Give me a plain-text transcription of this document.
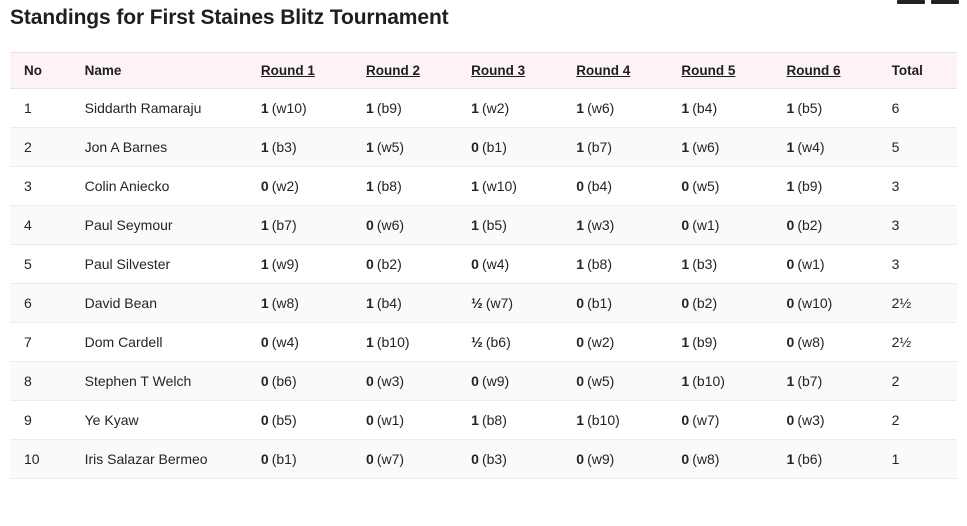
Standings for First Staines Blitz Tournament
No	Name	Round 1	Round 2	Round 3	Round 4	Round 5	Round 6	Total
1	Siddarth Ramaraju	1 (w10)	1 (b9)	1 (w2)	1 (w6)	1 (b4)	1 (b5)	6
2	Jon A Barnes	1 (b3)	1 (w5)	0 (b1)	1 (b7)	1 (w6)	1 (w4)	5
3	Colin Aniecko	0 (w2)	1 (b8)	1 (w10)	0 (b4)	0 (w5)	1 (b9)	3
4	Paul Seymour	1 (b7)	0 (w6)	1 (b5)	1 (w3)	0 (w1)	0 (b2)	3
5	Paul Silvester	1 (w9)	0 (b2)	0 (w4)	1 (b8)	1 (b3)	0 (w1)	3
6	David Bean	1 (w8)	1 (b4)	½ (w7)	0 (b1)	0 (b2)	0 (w10)	2½
7	Dom Cardell	0 (w4)	1 (b10)	½ (b6)	0 (w2)	1 (b9)	0 (w8)	2½
8	Stephen T Welch	0 (b6)	0 (w3)	0 (w9)	0 (w5)	1 (b10)	1 (b7)	2
9	Ye Kyaw	0 (b5)	0 (w1)	1 (b8)	1 (b10)	0 (w7)	0 (w3)	2
10	Iris Salazar Bermeo	0 (b1)	0 (w7)	0 (b3)	0 (w9)	0 (w8)	1 (b6)	1
